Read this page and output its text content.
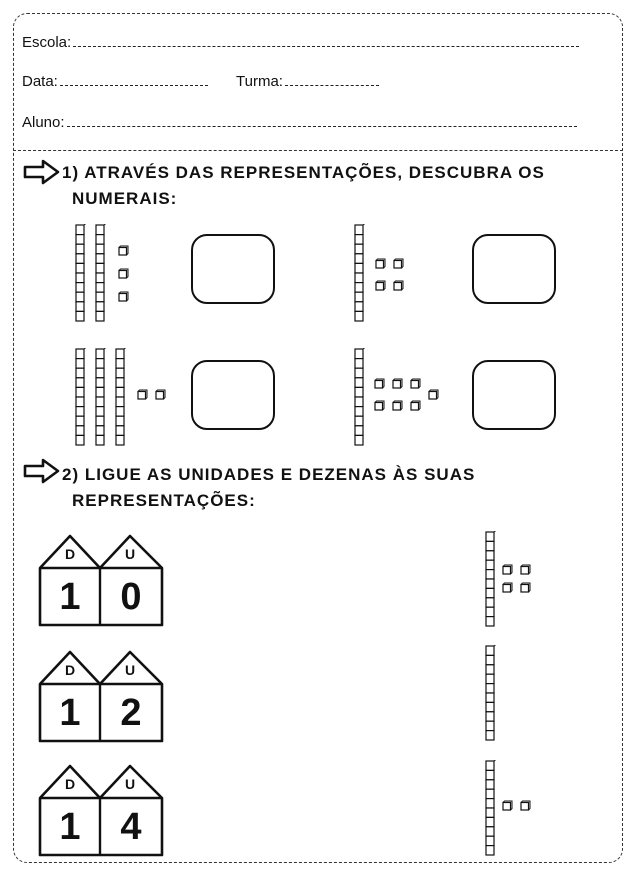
Escola:
Data:	Turma:
Aluno:
1) ATRAVÉS DAS REPRESENTAÇÕES, DESCUBRA OS
NUMERAIS:
2) LIGUE AS UNIDADES E DEZENAS ÀS SUAS
REPRESENTAÇÕES:
D	U
1	0
D	U
1	2
D	U
1	4
